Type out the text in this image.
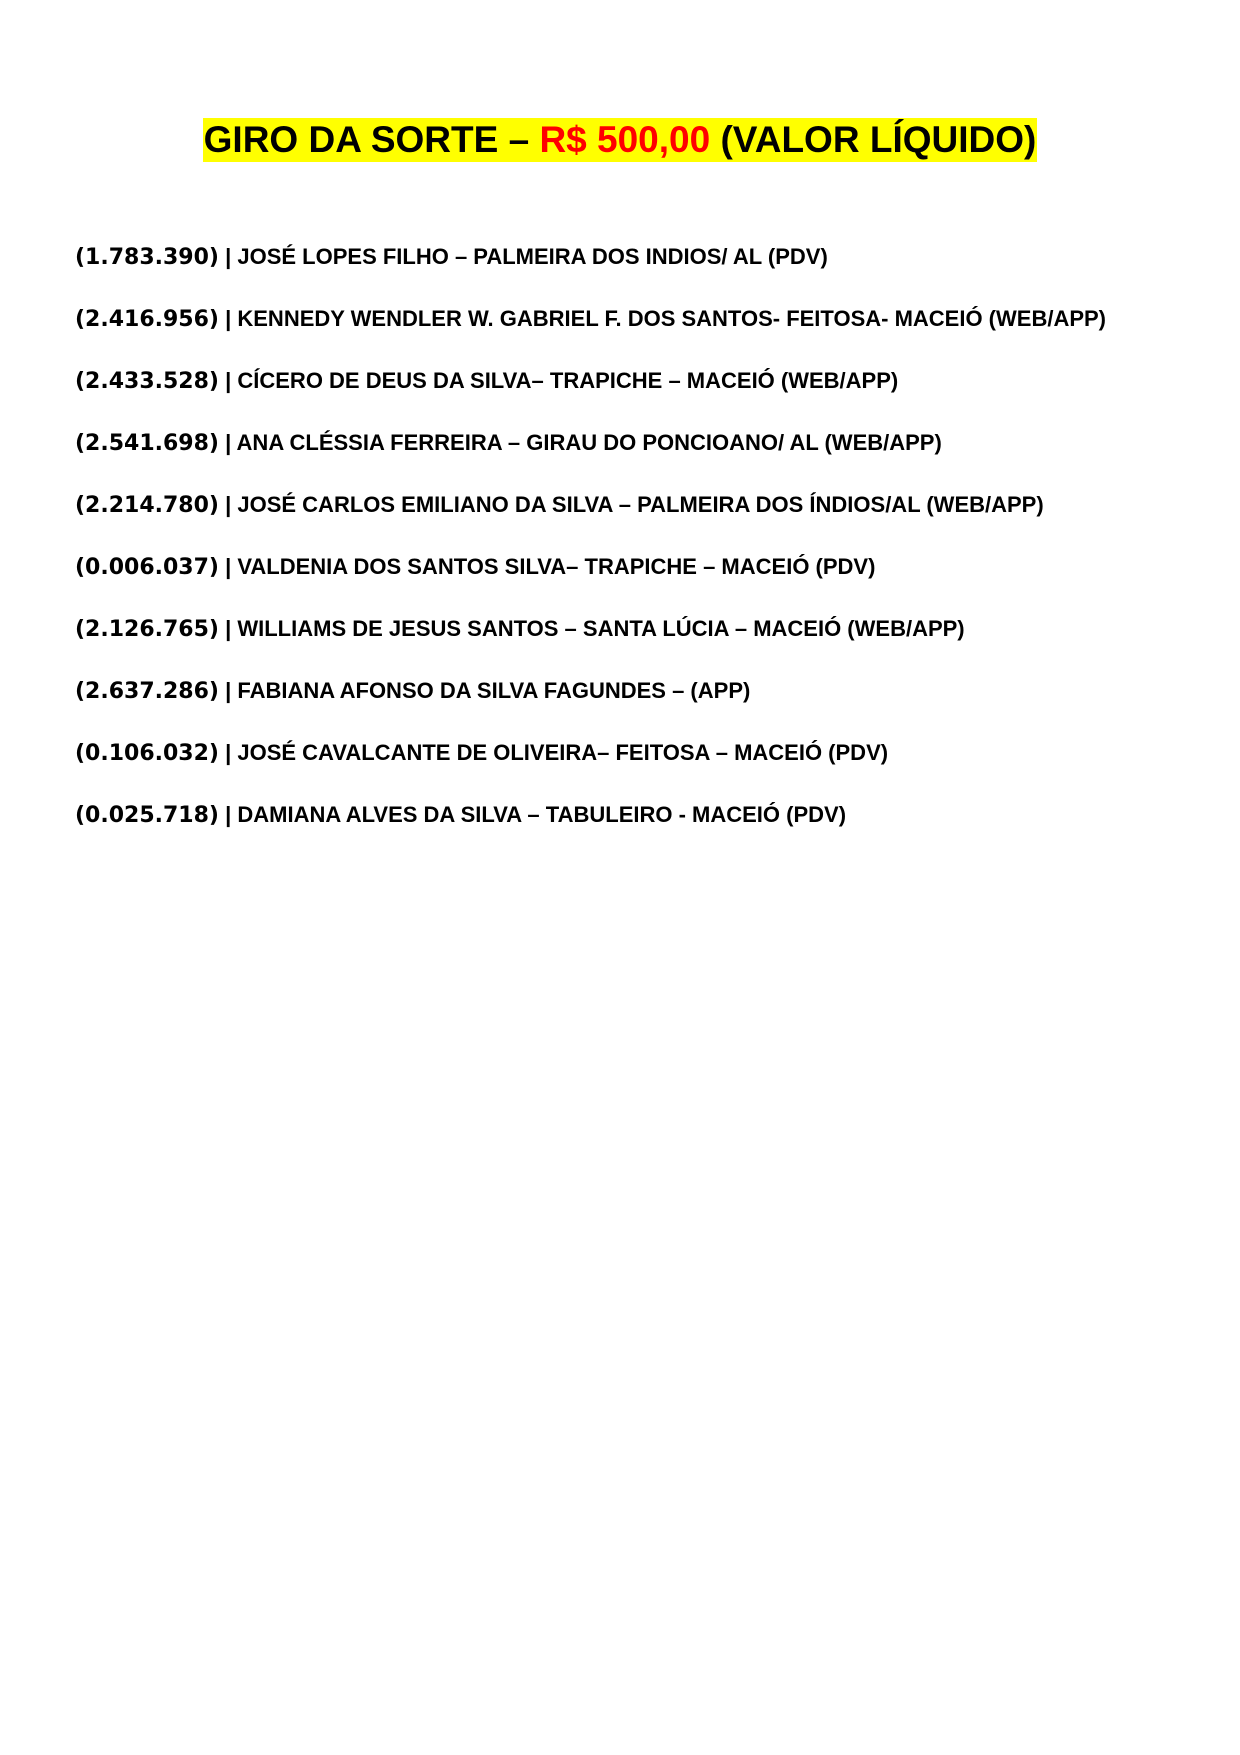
GIRO DA SORTE – R$ 500,00 (VALOR LÍQUIDO)
(1.783.390) | JOSÉ LOPES FILHO – PALMEIRA DOS INDIOS/ AL (PDV)
(2.416.956) | KENNEDY WENDLER W. GABRIEL F. DOS SANTOS- FEITOSA- MACEIÓ (WEB/APP)
(2.433.528) | CÍCERO DE DEUS DA SILVA– TRAPICHE – MACEIÓ (WEB/APP)
(2.541.698) | ANA CLÉSSIA FERREIRA – GIRAU DO PONCIOANO/ AL (WEB/APP)
(2.214.780) | JOSÉ CARLOS EMILIANO DA SILVA – PALMEIRA DOS ÍNDIOS/AL (WEB/APP)
(0.006.037) | VALDENIA DOS SANTOS SILVA– TRAPICHE – MACEIÓ (PDV)
(2.126.765) | WILLIAMS DE JESUS SANTOS – SANTA LÚCIA – MACEIÓ (WEB/APP)
(2.637.286) | FABIANA AFONSO DA SILVA FAGUNDES – (APP)
(0.106.032) | JOSÉ CAVALCANTE DE OLIVEIRA– FEITOSA – MACEIÓ (PDV)
(0.025.718) | DAMIANA ALVES DA SILVA – TABULEIRO - MACEIÓ (PDV)
